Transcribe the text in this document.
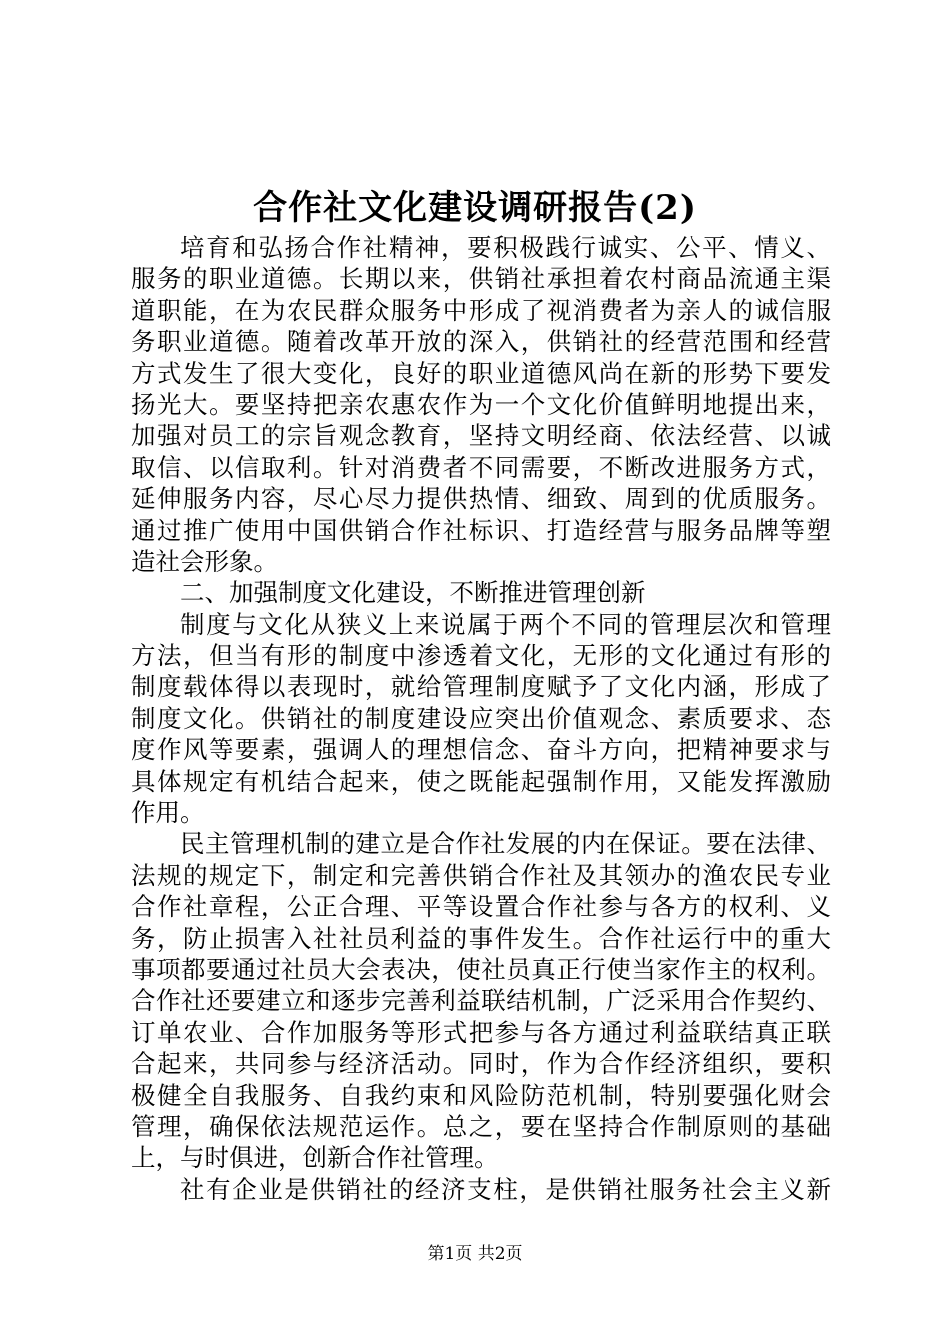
合作社文化建设调研报告(2)
培育和弘扬合作社精神，要积极践行诚实、公平、情义、
服务的职业道德。长期以来，供销社承担着农村商品流通主渠
道职能，在为农民群众服务中形成了视消费者为亲人的诚信服
务职业道德。随着改革开放的深入，供销社的经营范围和经营
方式发生了很大变化，良好的职业道德风尚在新的形势下要发
扬光大。要坚持把亲农惠农作为一个文化价值鲜明地提出来，
加强对员工的宗旨观念教育，坚持文明经商、依法经营、以诚
取信、以信取利。针对消费者不同需要，不断改进服务方式，
延伸服务内容，尽心尽力提供热情、细致、周到的优质服务。
通过推广使用中国供销合作社标识、打造经营与服务品牌等塑
造社会形象。
二、加强制度文化建设，不断推进管理创新
制度与文化从狭义上来说属于两个不同的管理层次和管理
方法，但当有形的制度中渗透着文化，无形的文化通过有形的
制度载体得以表现时，就给管理制度赋予了文化内涵，形成了
制度文化。供销社的制度建设应突出价值观念、素质要求、态
度作风等要素，强调人的理想信念、奋斗方向，把精神要求与
具体规定有机结合起来，使之既能起强制作用，又能发挥激励
作用。
民主管理机制的建立是合作社发展的内在保证。要在法律、
法规的规定下，制定和完善供销合作社及其领办的渔农民专业
合作社章程，公正合理、平等设置合作社参与各方的权利、义
务，防止损害入社社员利益的事件发生。合作社运行中的重大
事项都要通过社员大会表决，使社员真正行使当家作主的权利。
合作社还要建立和逐步完善利益联结机制，广泛采用合作契约、
订单农业、合作加服务等形式把参与各方通过利益联结真正联
合起来，共同参与经济活动。同时，作为合作经济组织，要积
极健全自我服务、自我约束和风险防范机制，特别要强化财会
管理，确保依法规范运作。总之，要在坚持合作制原则的基础
上，与时俱进，创新合作社管理。
社有企业是供销社的经济支柱，是供销社服务社会主义新
第1页 共2页
